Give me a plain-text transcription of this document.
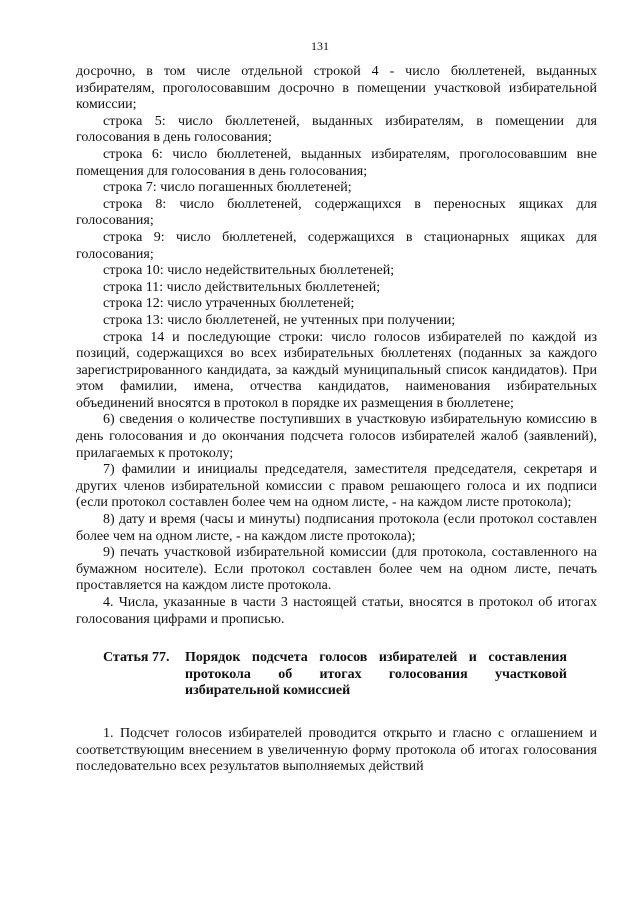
131

досрочно, в том числе отдельной строкой 4 - число бюллетеней, выданных избирателям, проголосовавшим досрочно в помещении участковой избирательной комиссии;

строка 5: число бюллетеней, выданных избирателям, в помещении для голосования в день голосования;

строка 6: число бюллетеней, выданных избирателям, проголосовавшим вне помещения для голосования в день голосования;

строка 7: число погашенных бюллетеней;

строка 8: число бюллетеней, содержащихся в переносных ящиках для голосования;

строка 9: число бюллетеней, содержащихся в стационарных ящиках для голосования;

строка 10: число недействительных бюллетеней;

строка 11: число действительных бюллетеней;

строка 12: число утраченных бюллетеней;

строка 13: число бюллетеней, не учтенных при получении;

строка 14 и последующие строки: число голосов избирателей по каждой из позиций, содержащихся во всех избирательных бюллетенях (поданных за каждого зарегистрированного кандидата, за каждый муниципальный список кандидатов). При этом фамилии, имена, отчества кандидатов, наименования избирательных объединений вносятся в протокол в порядке их размещения в бюллетене;

6) сведения о количестве поступивших в участковую избирательную комиссию в день голосования и до окончания подсчета голосов избирателей жалоб (заявлений), прилагаемых к протоколу;

7) фамилии и инициалы председателя, заместителя председателя, секретаря и других членов избирательной комиссии с правом решающего голоса и их подписи (если протокол составлен более чем на одном листе, - на каждом листе протокола);

8) дату и время (часы и минуты) подписания протокола (если протокол составлен более чем на одном листе, - на каждом листе протокола);

9) печать участковой избирательной комиссии (для протокола, составленного на бумажном носителе). Если протокол составлен более чем на одном листе, печать проставляется на каждом листе протокола.

4. Числа, указанные в части 3 настоящей статьи, вносятся в протокол об итогах голосования цифрами и прописью.

Статья 77.	Порядок подсчета голосов избирателей и составления протокола об итогах голосования участковой избирательной комиссией

1. Подсчет голосов избирателей проводится открыто и гласно с оглашением и соответствующим внесением в увеличенную форму протокола об итогах голосования последовательно всех результатов выполняемых действий
